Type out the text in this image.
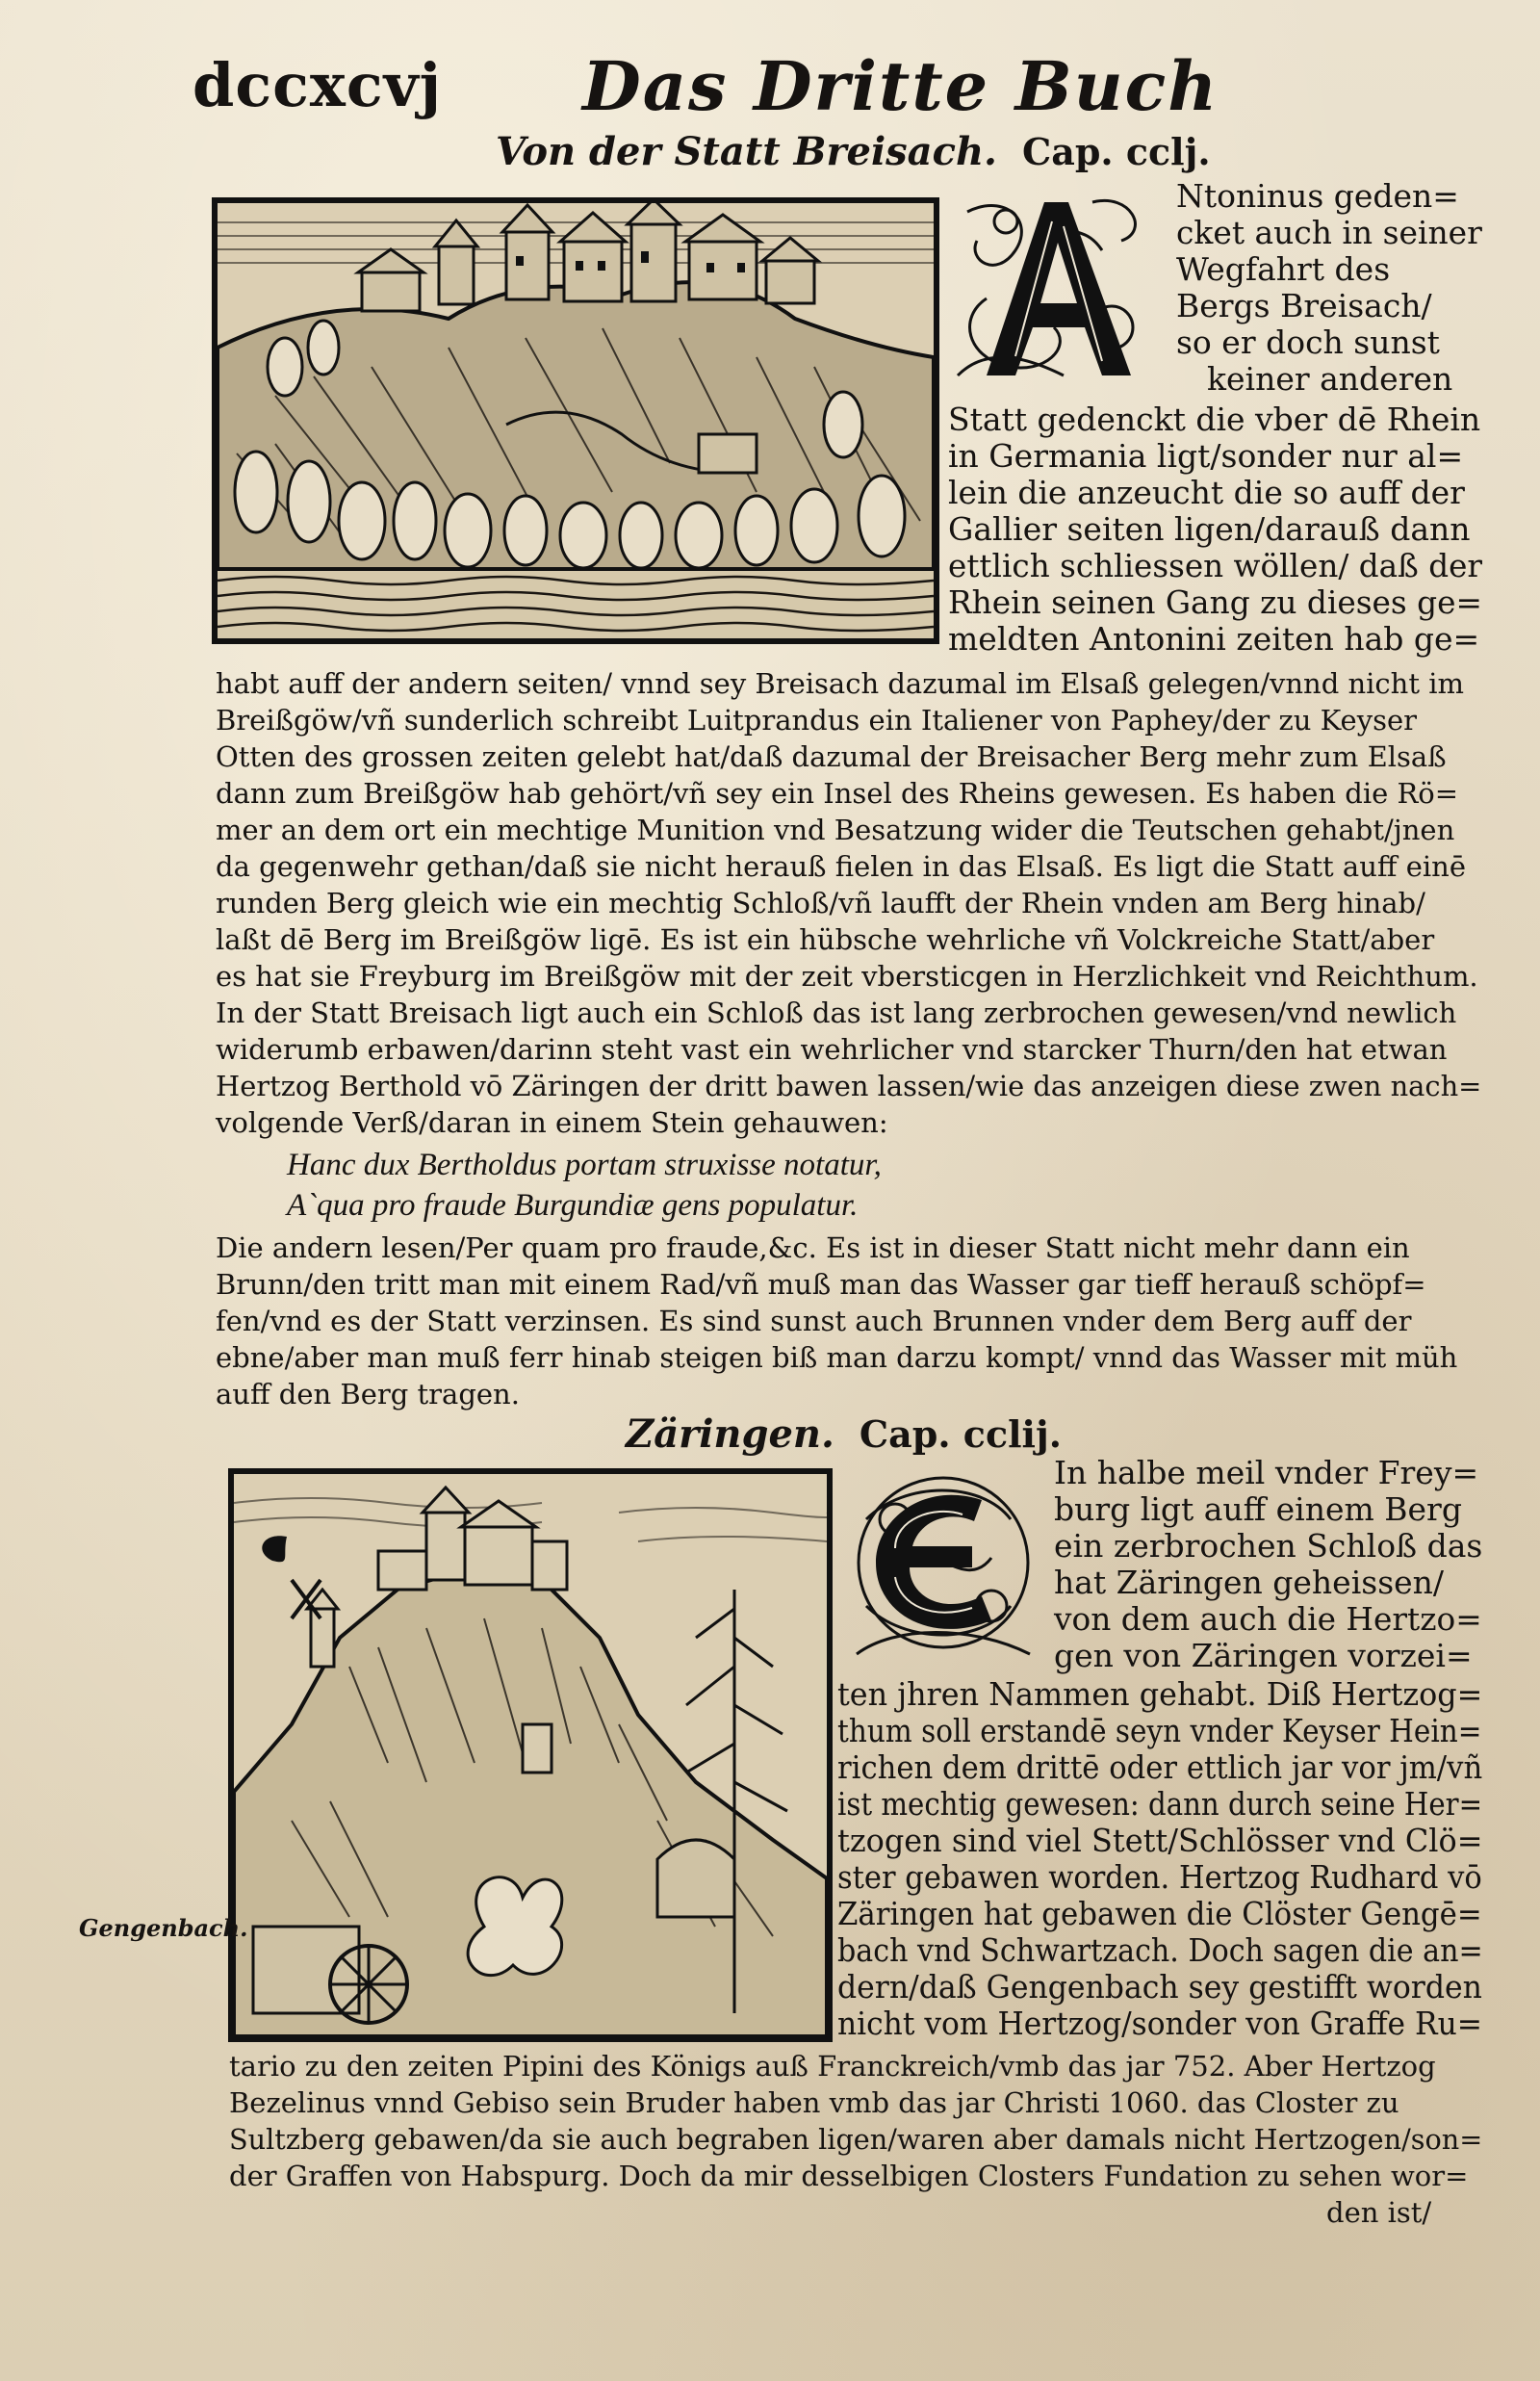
dccxcvj Das Dritte Buch
Von der Statt Breisach. Cap. cclj.
Ntoninus geden=
cket auch in seiner
Wegfahrt des
Bergs Breisach/
so er doch sunst
keiner anderen
Statt gedenckt die vber dē Rhein
in Germania ligt/sonder nur al=
lein die anzeucht die so auff der
Gallier seiten ligen/darauß dann
ettlich schliessen wöllen/ daß der
Rhein seinen Gang zu dieses ge=
meldten Antonini zeiten hab ge=
habt auff der andern seiten/ vnnd sey Breisach dazumal im Elsaß gelegen/vnnd nicht im
Breißgöw/vñ sunderlich schreibt Luitprandus ein Italiener von Paphey/der zu Keyser
Otten des grossen zeiten gelebt hat/daß dazumal der Breisacher Berg mehr zum Elsaß
dann zum Breißgöw hab gehört/vñ sey ein Insel des Rheins gewesen. Es haben die Rö=
mer an dem ort ein mechtige Munition vnd Besatzung wider die Teutschen gehabt/jnen
da gegenwehr gethan/daß sie nicht herauß fielen in das Elsaß. Es ligt die Statt auff einē
runden Berg gleich wie ein mechtig Schloß/vñ laufft der Rhein vnden am Berg hinab/
laßt dē Berg im Breißgöw ligē. Es ist ein hübsche wehrliche vñ Volckreiche Statt/aber
es hat sie Freyburg im Breißgöw mit der zeit vbersticgen in Herzlichkeit vnd Reichthum.
In der Statt Breisach ligt auch ein Schloß das ist lang zerbrochen gewesen/vnd newlich
widerumb erbawen/darinn steht vast ein wehrlicher vnd starcker Thurn/den hat etwan
Hertzog Berthold vō Zäringen der dritt bawen lassen/wie das anzeigen diese zwen nach=
volgende Verß/daran in einem Stein gehauwen:
Hanc dux Bertholdus portam struxisse notatur,
A`qua pro fraude Burgundiæ gens populatur.
Die andern lesen/Per quam pro fraude,&c. Es ist in dieser Statt nicht mehr dann ein
Brunn/den tritt man mit einem Rad/vñ muß man das Wasser gar tieff herauß schöpf=
fen/vnd es der Statt verzinsen. Es sind sunst auch Brunnen vnder dem Berg auff der
ebne/aber man muß ferr hinab steigen biß man darzu kompt/ vnnd das Wasser mit müh
auff den Berg tragen.
Zäringen. Cap. cclij.
Gengenbach.
In halbe meil vnder Frey=
burg ligt auff einem Berg
ein zerbrochen Schloß das
hat Zäringen geheissen/
von dem auch die Hertzo=
gen von Zäringen vorzei=
ten jhren Nammen gehabt. Diß Hertzog=
thum soll erstandē seyn vnder Keyser Hein=
richen dem drittē oder ettlich jar vor jm/vñ
ist mechtig gewesen: dann durch seine Her=
tzogen sind viel Stett/Schlösser vnd Clö=
ster gebawen worden. Hertzog Rudhard vō
Zäringen hat gebawen die Clöster Gengē=
bach vnd Schwartzach. Doch sagen die an=
dern/daß Gengenbach sey gestifft worden
nicht vom Hertzog/sonder von Graffe Ru=
tario zu den zeiten Pipini des Königs auß Franckreich/vmb das jar 752. Aber Hertzog
Bezelinus vnnd Gebiso sein Bruder haben vmb das jar Christi 1060. das Closter zu
Sultzberg gebawen/da sie auch begraben ligen/waren aber damals nicht Hertzogen/son=
der Graffen von Habspurg. Doch da mir desselbigen Closters Fundation zu sehen wor=
den ist/
